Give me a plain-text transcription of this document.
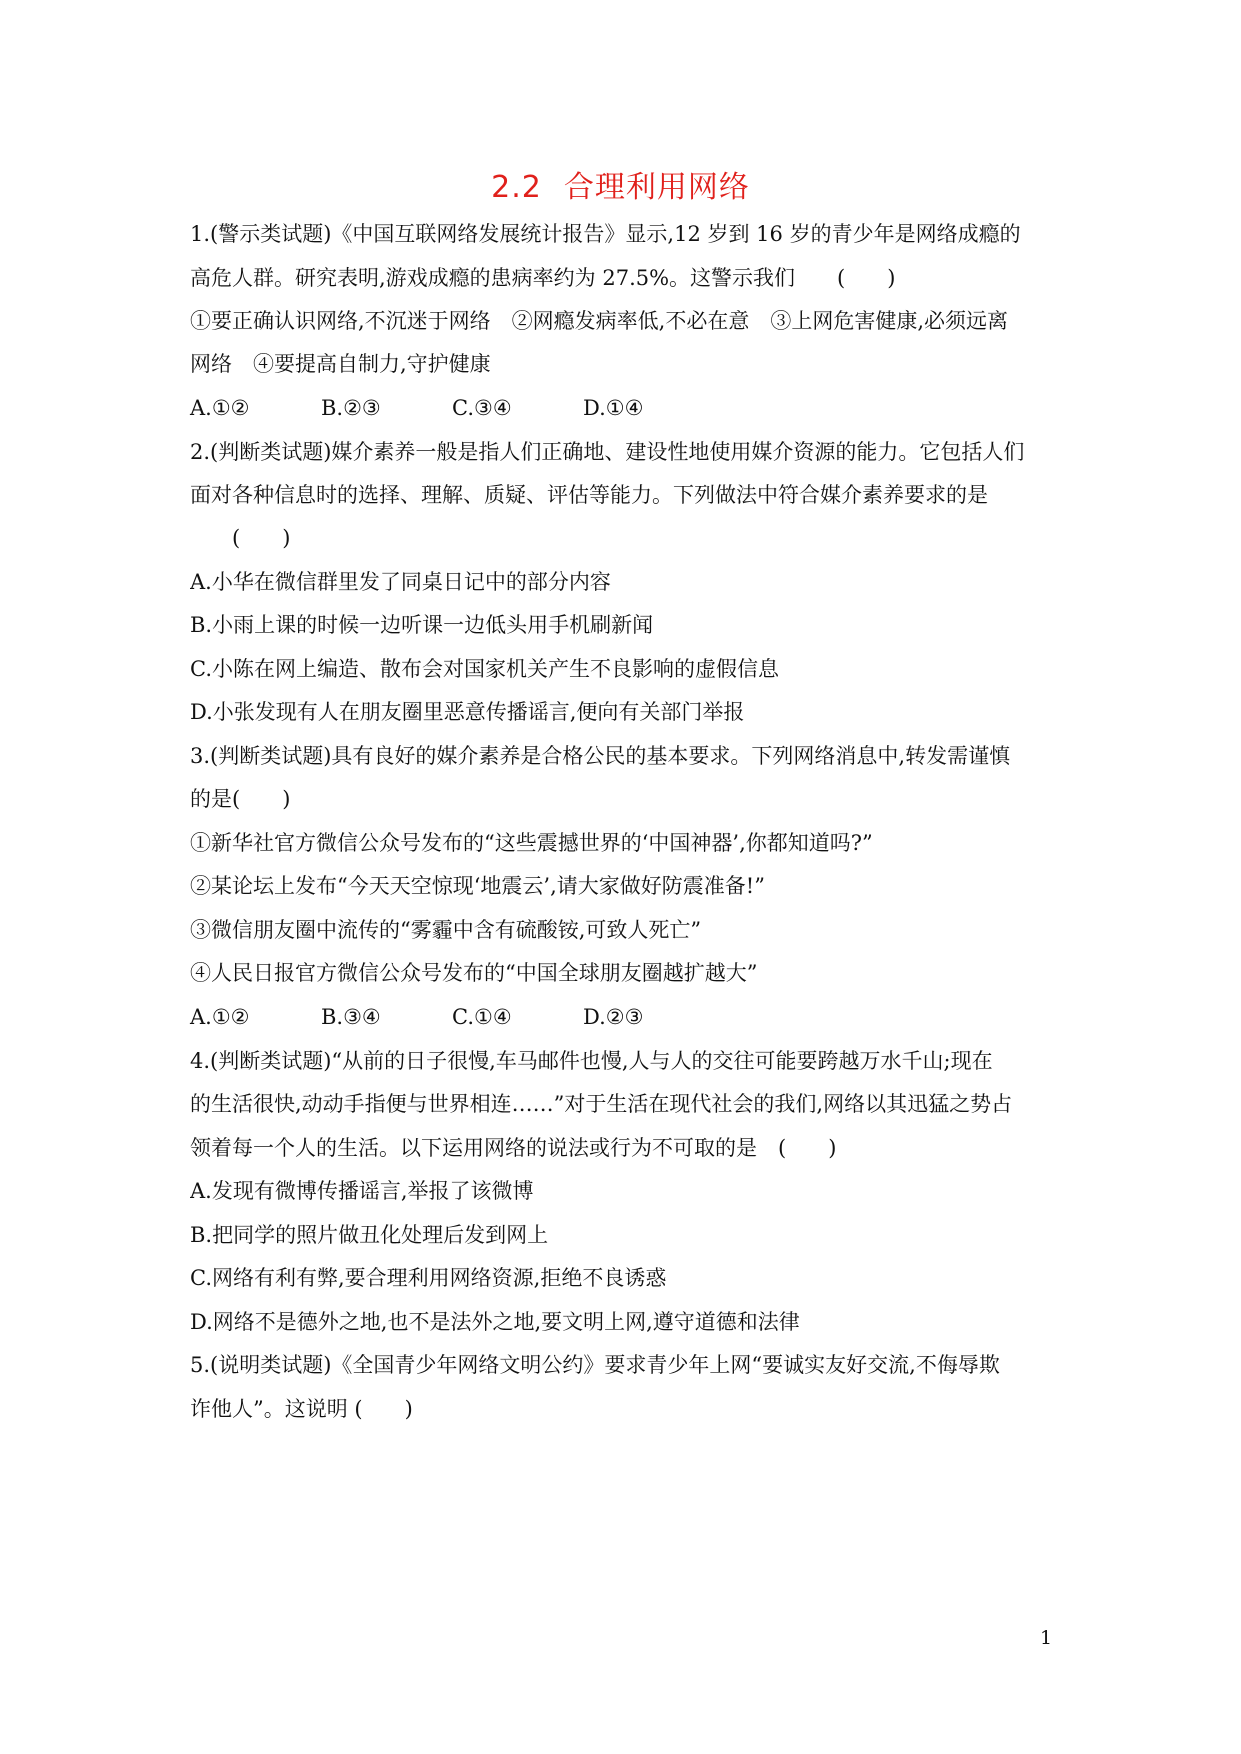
2.2 合理利用网络
1.(警示类试题)《中国互联网络发展统计报告》显示,12 岁到 16 岁的青少年是网络成瘾的
高危人群。研究表明,游戏成瘾的患病率约为 27.5%。这警示我们　　(　　)
①要正确认识网络,不沉迷于网络　②网瘾发病率低,不必在意　③上网危害健康,必须远离
网络　④要提高自制力,守护健康
A.①②	B.②③	C.③④	D.①④
2.(判断类试题)媒介素养一般是指人们正确地、建设性地使用媒介资源的能力。它包括人们
面对各种信息时的选择、理解、质疑、评估等能力。下列做法中符合媒介素养要求的是
　　(　　)
A.小华在微信群里发了同桌日记中的部分内容
B.小雨上课的时候一边听课一边低头用手机刷新闻
C.小陈在网上编造、散布会对国家机关产生不良影响的虚假信息
D.小张发现有人在朋友圈里恶意传播谣言,便向有关部门举报
3.(判断类试题)具有良好的媒介素养是合格公民的基本要求。下列网络消息中,转发需谨慎
的是(　　)
①新华社官方微信公众号发布的“这些震撼世界的‘中国神器’,你都知道吗?”
②某论坛上发布“今天天空惊现‘地震云’,请大家做好防震准备!”
③微信朋友圈中流传的“雾霾中含有硫酸铵,可致人死亡”
④人民日报官方微信公众号发布的“中国全球朋友圈越扩越大”
A.①②	B.③④	C.①④	D.②③
4.(判断类试题)“从前的日子很慢,车马邮件也慢,人与人的交往可能要跨越万水千山;现在
的生活很快,动动手指便与世界相连……”对于生活在现代社会的我们,网络以其迅猛之势占
领着每一个人的生活。以下运用网络的说法或行为不可取的是　(　　)
A.发现有微博传播谣言,举报了该微博
B.把同学的照片做丑化处理后发到网上
C.网络有利有弊,要合理利用网络资源,拒绝不良诱惑
D.网络不是德外之地,也不是法外之地,要文明上网,遵守道德和法律
5.(说明类试题)《全国青少年网络文明公约》要求青少年上网“要诚实友好交流,不侮辱欺
诈他人”。这说明 (　　)
1
